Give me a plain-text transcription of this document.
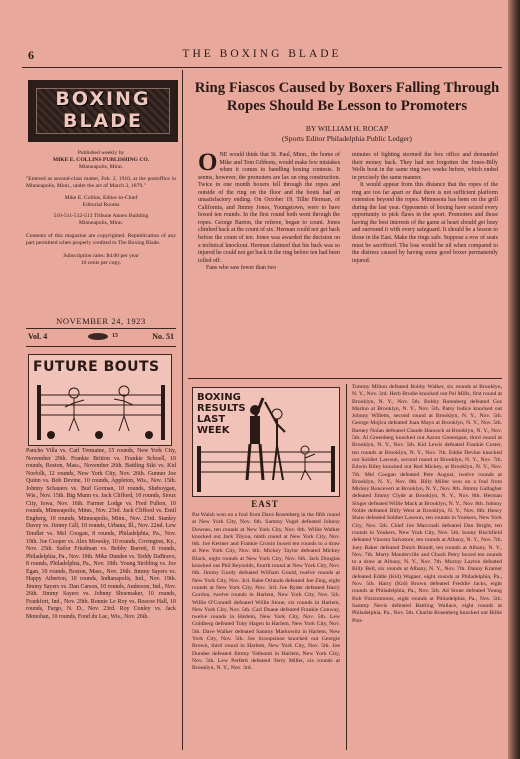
6	THE BOXING BLADE
BOXING
BLADE
Published weekly by
MIKE E. COLLINS PUBLISHING CO.
Minneapolis, Minn.
"Entered as second-class matter, Feb. 2, 1910, at the postoffice in Minneapolis, Minn., under the act of March 3, 1879."
Mike E. Collins, Editor-in-Chief
Editorial Rooms
510-511-512-513 Tribune Annex Building
Minneapolis, Minn.
Contents of this magazine are copyrighted. Republication of any part permitted when properly credited to The Boxing Blade.
Subscription rates: $4.00 per year
10 cents per copy.
NOVEMBER 24, 1923
Vol. 4	15	No. 51
FUTURE BOUTS
Pancho Villa vs. Carl Tremaine, 15 rounds, New York City, November 29th. Frankie Britton vs. Frankie Schoell, 10 rounds, Boston, Mass., November 26th. Battling Siki vs. Kid Norfolk, 12 rounds, New York City, Nov. 26th. Gunner Joe Quinn vs. Bob Devine, 10 rounds, Appleton, Wis., Nov. 15th. Johnny Schauers vs. Bud Gorman, 10 rounds, Sheboygan, Wis., Nov. 15th. Big Munn vs. Jack Clifford, 10 rounds, Sioux City, Iowa, Nov. 16th. Farmer Lodge vs. Fred Fulton, 10 rounds, Minneapolis, Minn., Nov. 23rd. Jack Clifford vs. Emil Engberg, 10 rounds, Minneapolis, Minn., Nov. 23rd. Stanley Davey vs. Jimmy Gill, 10 rounds, Urbana, Ill., Nov. 22nd. Lew Tendler vs. Mel Coogan, 8 rounds, Philadelphia, Pa., Nov. 19th. Joe Cooper vs. Alex Mowsky, 10 rounds, Covington, Ky., Nov. 25th. Sailor Friedman vs. Bobby Barrett, 8 rounds, Philadelphia, Pa., Nov. 19th. Mike Dundee vs. Teddy DaBravo, 8 rounds, Philadelphia, Pa., Nov. 19th. Young Stribling vs. Joe Egan, 10 rounds, Boston, Mass., Nov. 26th. Jimmy Sayers vs. Happy Atherton, 10 rounds, Indianapolis, Ind., Nov. 19th. Jimmy Sayers vs. Dan Carson, 10 rounds, Anderson, Ind., Nov. 26th. Jimmy Sayers vs. Johnny Shoemaker, 10 rounds, Frankfort, Ind., Nov. 29th. Ronnie Le Roy vs. Roscoe Hall, 10 rounds, Fargo, N. D., Nov. 23rd. Roy Conley vs. Jack Monohan, 10 rounds, Fond du Lac, Wis., Nov. 26th.
Ring Fiascos Caused by Boxers Falling Through Ropes Should Be Lesson to Promoters
BY WILLIAM H. ROCAP
(Sports Editor Philadelphia Public Ledger)
ONE would think that St. Paul, Minn., the home of Mike and Tom Gibbons, would make few mistakes when it comes to handling boxing contests. It seems, however, the promoters are lax on ring construction. Twice in one month boxers fell through the ropes and outside of the ring on the floor and the bouts had an unsatisfactory ending. On October 19, Tillie Herman, of California, and Jimmy Jones, Youngstown, were to have boxed ten rounds. In the first round both went through the ropes. George Barton, the referee, began to count. Jones climbed back at the count of six. Herman could not get back before the count of ten. Jones was awarded the decision on a technical knockout. Herman claimed that his back was so injured he could not get back in the ring before ten had been tolled off.

Fans who saw fewer than two

minutes of fighting stormed the box office and demanded their money back. They had not forgotten the Jones-Billy Wells bout in the same ring two weeks before, which ended in precisely the same manner.

It would appear from this distance that the ropes of the ring are too far apart or that there is not sufficient platform extension beyond the ropes. Minnesota has been on the grill during the last year. Opponents of boxing have seized every opportunity to pick flaws in the sport. Promoters and those having the best interests of the game at heart should get busy and surround it with every safeguard. It should be a lesson to those in the East. Make the rings safe. Suppose a row of seats must be sacrificed. The loss would be nil when compared to the distress caused by having some good boxer permanently injured.

BOXING
RESULTS
LAST
WEEK
EAST
Pat Walsh won on a foul from Dave Rosenberg in the fifth round at New York City, Nov. 6th. Sammy Vogel defeated Johnny Downes, ten rounds at New York City, Nov. 6th. Willie Walker knocked out Jack Tilyou, ninth round at New York City, Nov. 6th. Joe Kettner and Frankie Cronin boxed ten rounds to a draw at New York City, Nov. 6th. Mickey Taylor defeated Mickey Black, eight rounds at New York City, Nov. 6th. Jack Douglas knocked out Phil Reynolds, fourth round at New York City, Nov. 6th. Jimmy Gordy defeated William Gould, twelve rounds at New York City, Nov. 3rd. Babe Orlando defeated Joe Zing, eight rounds at New York City, Nov. 3rd. Joe Ryder defeated Harry Gordon, twelve rounds in Harlem, New York City, Nov. 5th. Willie O'Connell defeated Willie Stone, six rounds in Harlem, New York City, Nov. 5th. Carl Duane defeated Frankie Conway, twelve rounds in Harlem, New York City, Nov. 5th. Lew Goldberg defeated Toby Hagen in Harlem, New York City, Nov. 5th. Dave Walker defeated Sammy Markowitz in Harlem, New York City, Nov. 5th. Joe Scoopsinoe knocked out Georgie Brown, third round in Harlem, New York City, Nov. 5th. Joe Dundee defeated Jimmy Valleonti in Harlem, New York City, Nov. 5th. Lew Perfetti defeated Terry Miller, six rounds at Brooklyn, N. Y., Nov. 3rd.
Tommy Milton defeated Bobby Walker, six rounds at Brooklyn, N. Y., Nov. 3rd. Herb Brodie knocked out Pal Mills, first round at Brooklyn, N. Y., Nov. 5th. Bobby Rutenberg defeated Gus Marino at Brooklyn, N. Y., Nov. 5th. Patsy Iodice knocked out Johnny Willetts, second round at Brooklyn, N. Y., Nov. 5th. George Mojica defeated Juan Mayo at Brooklyn, N. Y., Nov. 5th. Barney Nolan defeated Claude Hancock at Brooklyn, N. Y., Nov. 5th. Al Greenberg knocked out Aaron Greenspan, third round at Brooklyn, N. Y., Nov. 5th. Kid Lewis defeated Frankie Coster, ten rounds at Brooklyn, N. Y., Nov. 7th. Eddie Devine knocked out Soldier Lawson, second round at Brooklyn, N. Y., Nov. 7th. Edwin Riley knocked out Red Mickey, at Brooklyn, N. Y., Nov. 7th. Mel Coogan defeated Pete August, twelve rounds at Brooklyn, N. Y., Nov. 8th. Billy Miller won on a foul from Mickey Ronceveri at Brooklyn, N. Y., Nov. 8th. Jimmy Gallagher defeated Jimmy Clyde at Brooklyn, N. Y., Nov. 8th. Herman Singer defeated Willie Mack at Brooklyn, N. Y., Nov. 8th. Johnny Noble defeated Billy West at Brooklyn, N. Y., Nov. 8th. Henry Shaw defeated Soldier Lawson, ten rounds in Yonkers, New York City, Nov. 5th. Chief Joe Marcoudi defeated Dan Bright, ten rounds in Yonkers, New York City, Nov. 5th. Sonny Bischfield defeated Vincent Salvatore, ten rounds at Albany, N. Y., Nov. 7th. Joey Baker defeated Dutch Brandt, ten rounds at Albany, N. Y., Nov. 7th. Marty Manderville and Chuck Petry boxed ten rounds to a draw at Albany, N. Y., Nov. 7th. Murray Layton defeated Billy Bell, six rounds at Albany, N. Y., Nov. 7th. Danny Kramer defeated Eddie (Kid) Wagner, eight rounds at Philadelphia, Pa., Nov. 5th. Harry (Kid) Brown defeated Freddie Jacks, eight rounds at Philadelphia, Pa., Nov. 5th. Ad Stone defeated Young Bob Fitzsimmons, eight rounds at Philadelphia, Pa., Nov. 5th. Sammy Nevis defeated Battling Wallace, eight rounds at Philadelphia, Pa., Nov. 5th. Charlie Rosenberg knocked out Billie Pim-
